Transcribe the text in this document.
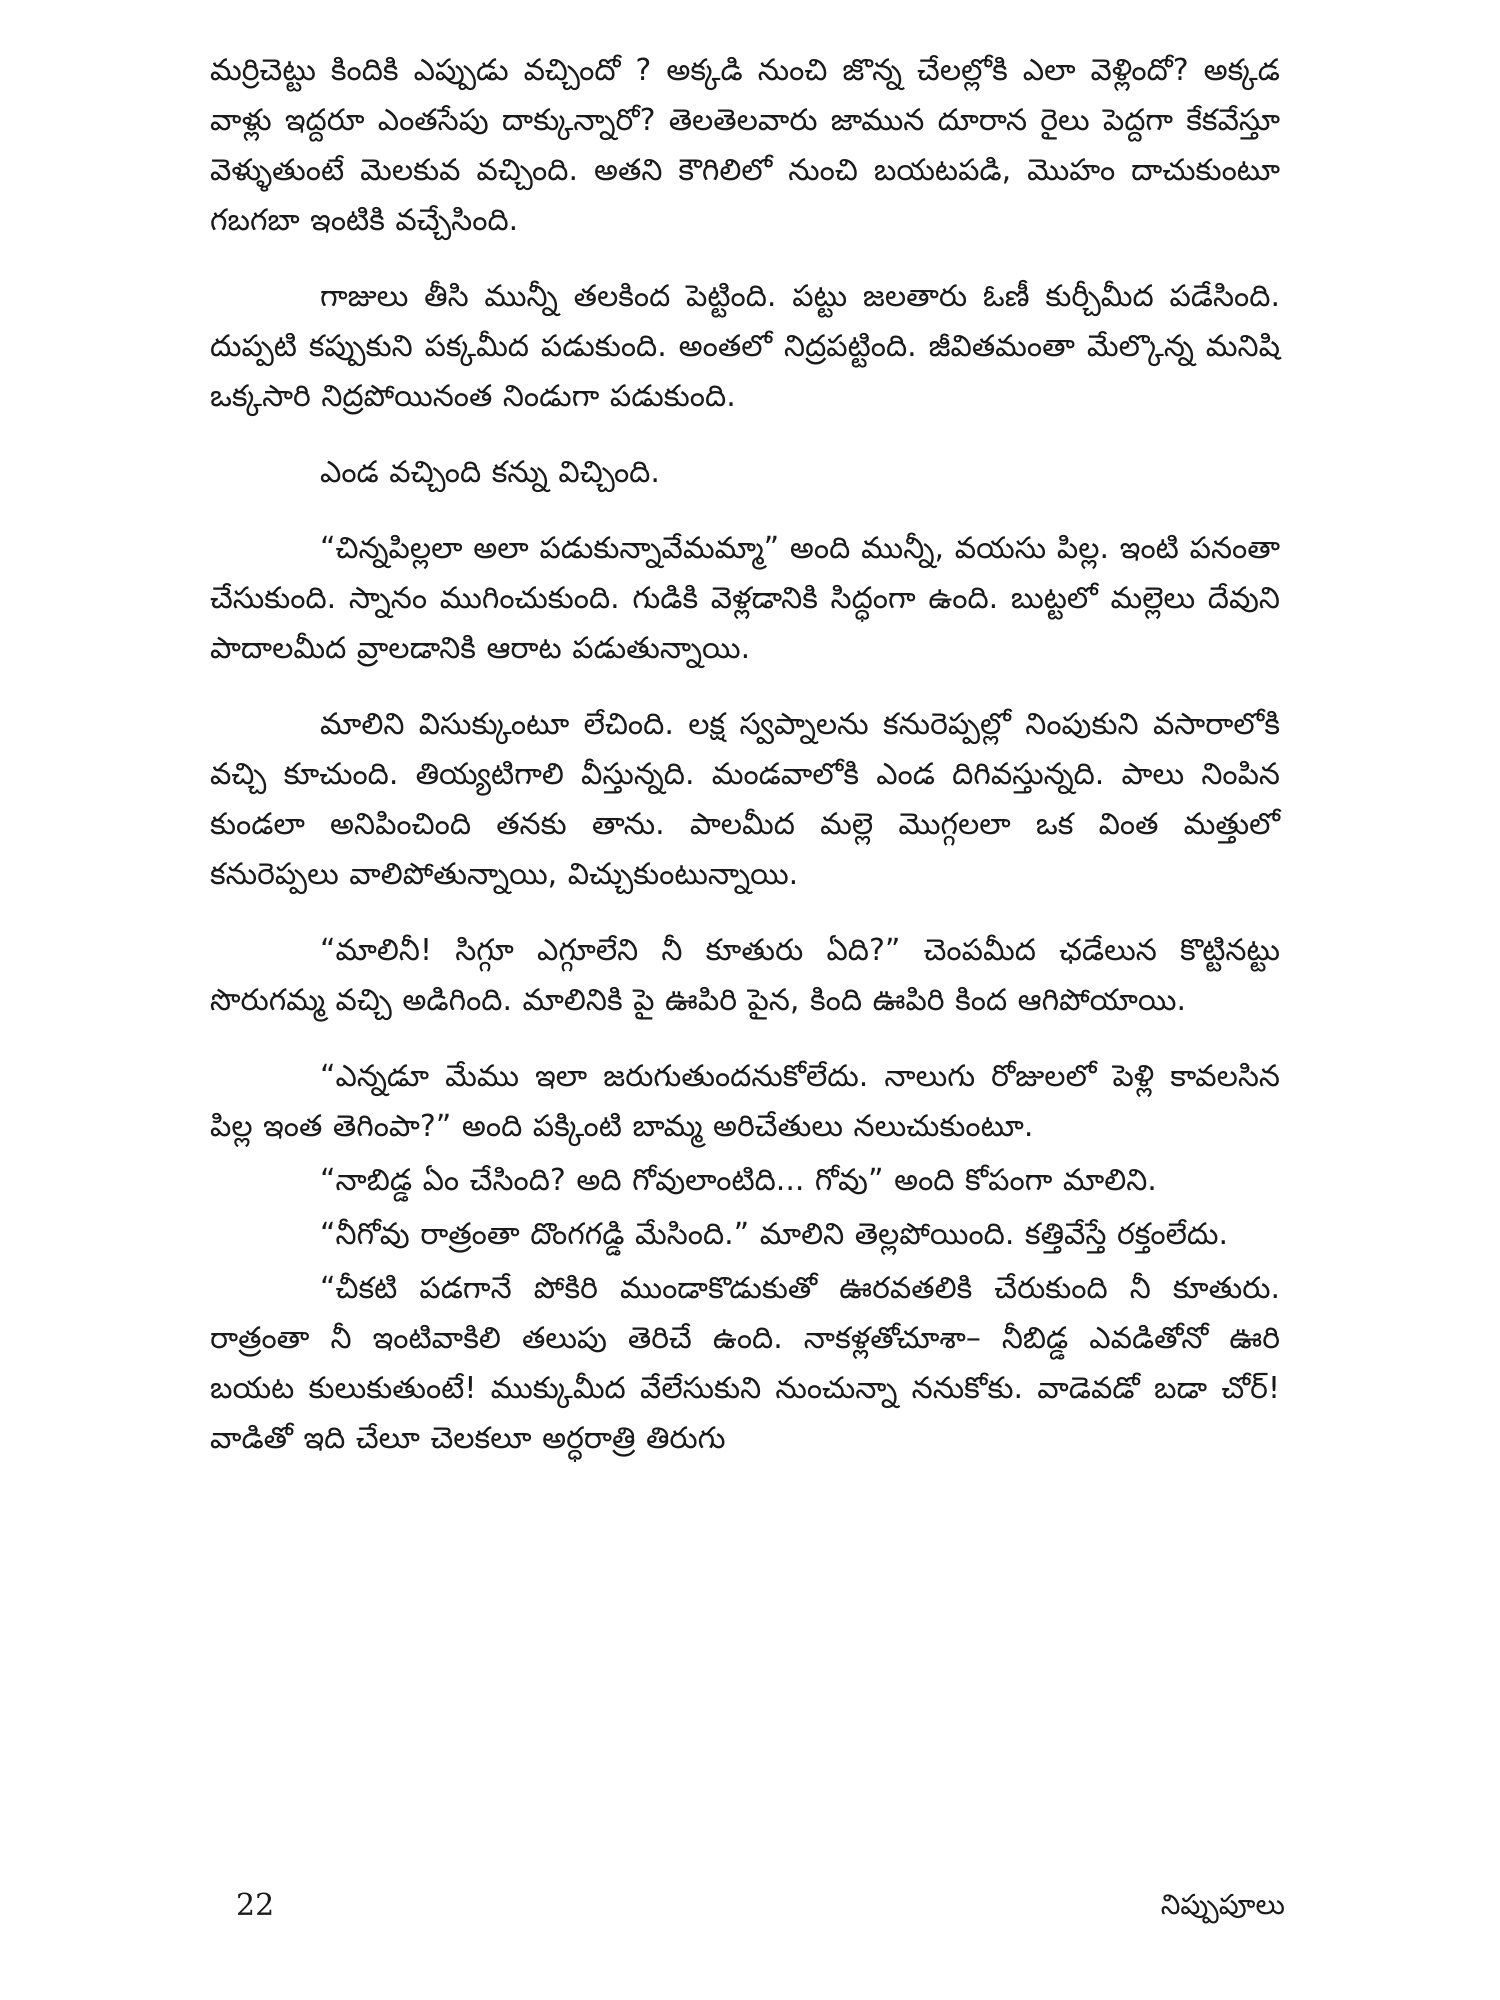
మర్రిచెట్టు కిందికి ఎప్పుడు వచ్చిందో ? అక్కడి నుంచి జొన్న చేలల్లోకి ఎలా వెళ్లిందో? అక్కడ వాళ్లు ఇద్దరూ ఎంతసేపు దాక్కున్నారో? తెలతెలవారు జామున దూరాన రైలు పెద్దగా కేకవేస్తూ వెళ్ళుతుంటే మెలకువ వచ్చింది. అతని కౌగిలిలో నుంచి బయటపడి, మొహం దాచుకుంటూ గబగబా ఇంటికి వచ్చేసింది.

గాజులు తీసి మున్నీ తలకింద పెట్టింది. పట్టు జలతారు ఓణీ కుర్చీమీద పడేసింది. దుప్పటి కప్పుకుని పక్కమీద పడుకుంది. అంతలో నిద్రపట్టింది. జీవితమంతా మేల్కొన్న మనిషి ఒక్కసారి నిద్రపోయినంత నిండుగా పడుకుంది.

ఎండ వచ్చింది కన్ను విచ్చింది.

“చిన్నపిల్లలా అలా పడుకున్నావేమమ్మా” అంది మున్నీ, వయసు పిల్ల. ఇంటి పనంతా చేసుకుంది. స్నానం ముగించుకుంది. గుడికి వెళ్లడానికి సిద్ధంగా ఉంది. బుట్టలో మల్లెలు దేవుని పాదాలమీద వ్రాలడానికి ఆరాట పడుతున్నాయి.

మాలిని విసుక్కుంటూ లేచింది. లక్ష స్వప్నాలను కనురెప్పల్లో నింపుకుని వసారాలోకి వచ్చి కూచుంది. తియ్యటిగాలి వీస్తున్నది. మండవాలోకి ఎండ దిగివస్తున్నది. పాలు నింపిన కుండలా అనిపించింది తనకు తాను. పాలమీద మల్లె మొగ్గలలా ఒక వింత మత్తులో కనురెప్పలు వాలిపోతున్నాయి, విచ్చుకుంటున్నాయి.

“మాలినీ! సిగ్గూ ఎగ్గూలేని నీ కూతురు ఏది?” చెంపమీద ఛడేలున కొట్టినట్టు సొరుగమ్మ వచ్చి అడిగింది. మాలినికి పై ఊపిరి పైన, కింది ఊపిరి కింద ఆగిపోయాయి.

“ఎన్నడూ మేము ఇలా జరుగుతుందనుకోలేదు. నాలుగు రోజులలో పెళ్లి కావలసిన పిల్ల ఇంత తెగింపా?” అంది పక్కింటి బామ్మ అరిచేతులు నలుచుకుంటూ.

“నాబిడ్డ ఏం చేసింది? అది గోవులాంటిది... గోవు” అంది కోపంగా మాలిని.

“నీగోవు రాత్రంతా దొంగగడ్డి మేసింది.” మాలిని తెల్లపోయింది. కత్తివేస్తే రక్తంలేదు.

“చీకటి పడగానే పోకిరి ముండాకొడుకుతో ఊరవతలికి చేరుకుంది నీ కూతురు. రాత్రంతా నీ ఇంటివాకిలి తలుపు తెరిచే ఉంది. నాకళ్లతోచూశా– నీబిడ్డ ఎవడితోనో ఊరి బయట కులుకుతుంటే! ముక్కుమీద వేలేసుకుని నుంచున్నా ననుకోకు. వాడెవడో బడా చోర్! వాడితో ఇది చేలూ చెలకలూ అర్ధరాత్రి తిరుగు

22	నిప్పుపూలు
